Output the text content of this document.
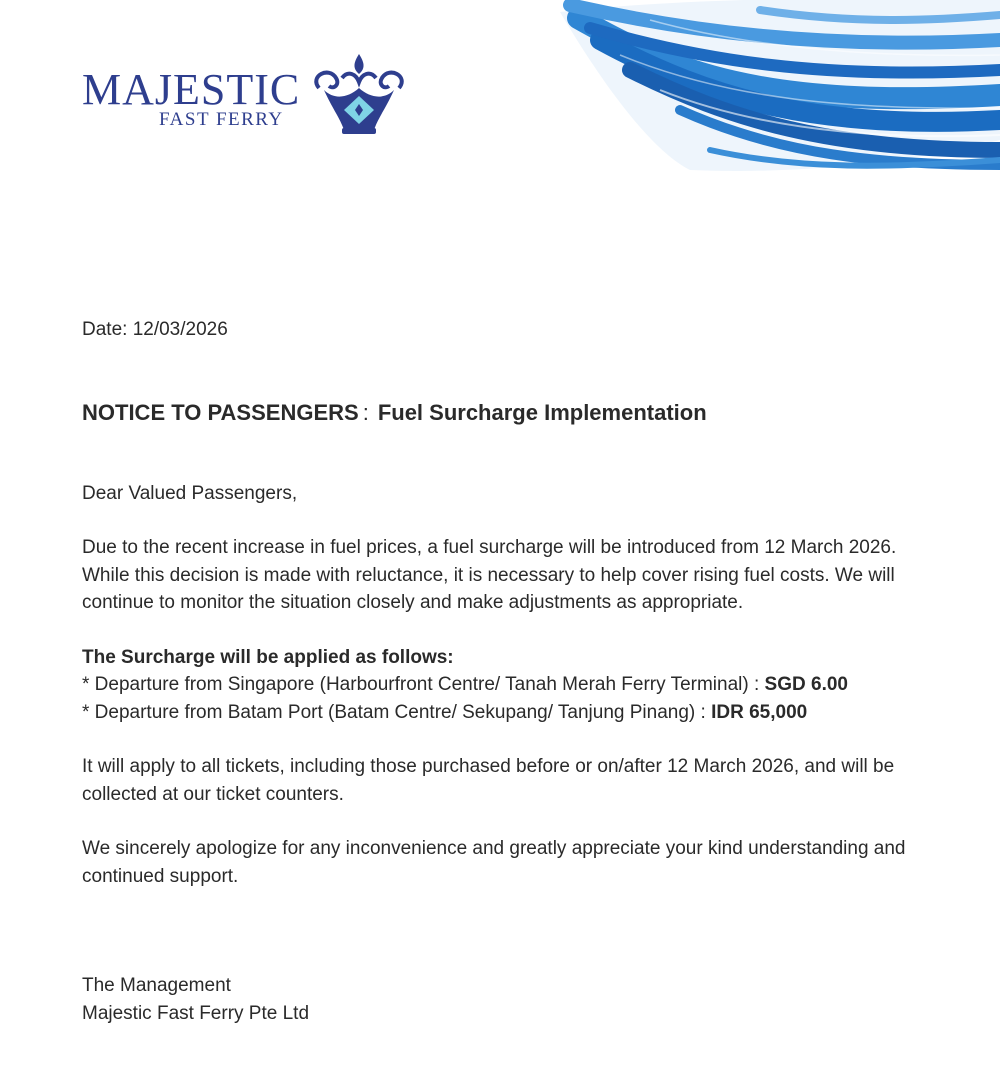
MAJESTIC
FAST FERRY

Date: 12/03/2026

NOTICE TO PASSENGERS : Fuel Surcharge Implementation

Dear Valued Passengers,

Due to the recent increase in fuel prices, a fuel surcharge will be introduced from 12 March 2026. While this decision is made with reluctance, it is necessary to help cover rising fuel costs. We will continue to monitor the situation closely and make adjustments as appropriate.

The Surcharge will be applied as follows:

* Departure from Singapore (Harbourfront Centre/ Tanah Merah Ferry Terminal) : SGD 6.00

* Departure from Batam Port (Batam Centre/ Sekupang/ Tanjung Pinang) : IDR 65,000

It will apply to all tickets, including those purchased before or on/after 12 March 2026, and will be collected at our ticket counters.

We sincerely apologize for any inconvenience and greatly appreciate your kind understanding and continued support.

The Management

Majestic Fast Ferry Pte Ltd
